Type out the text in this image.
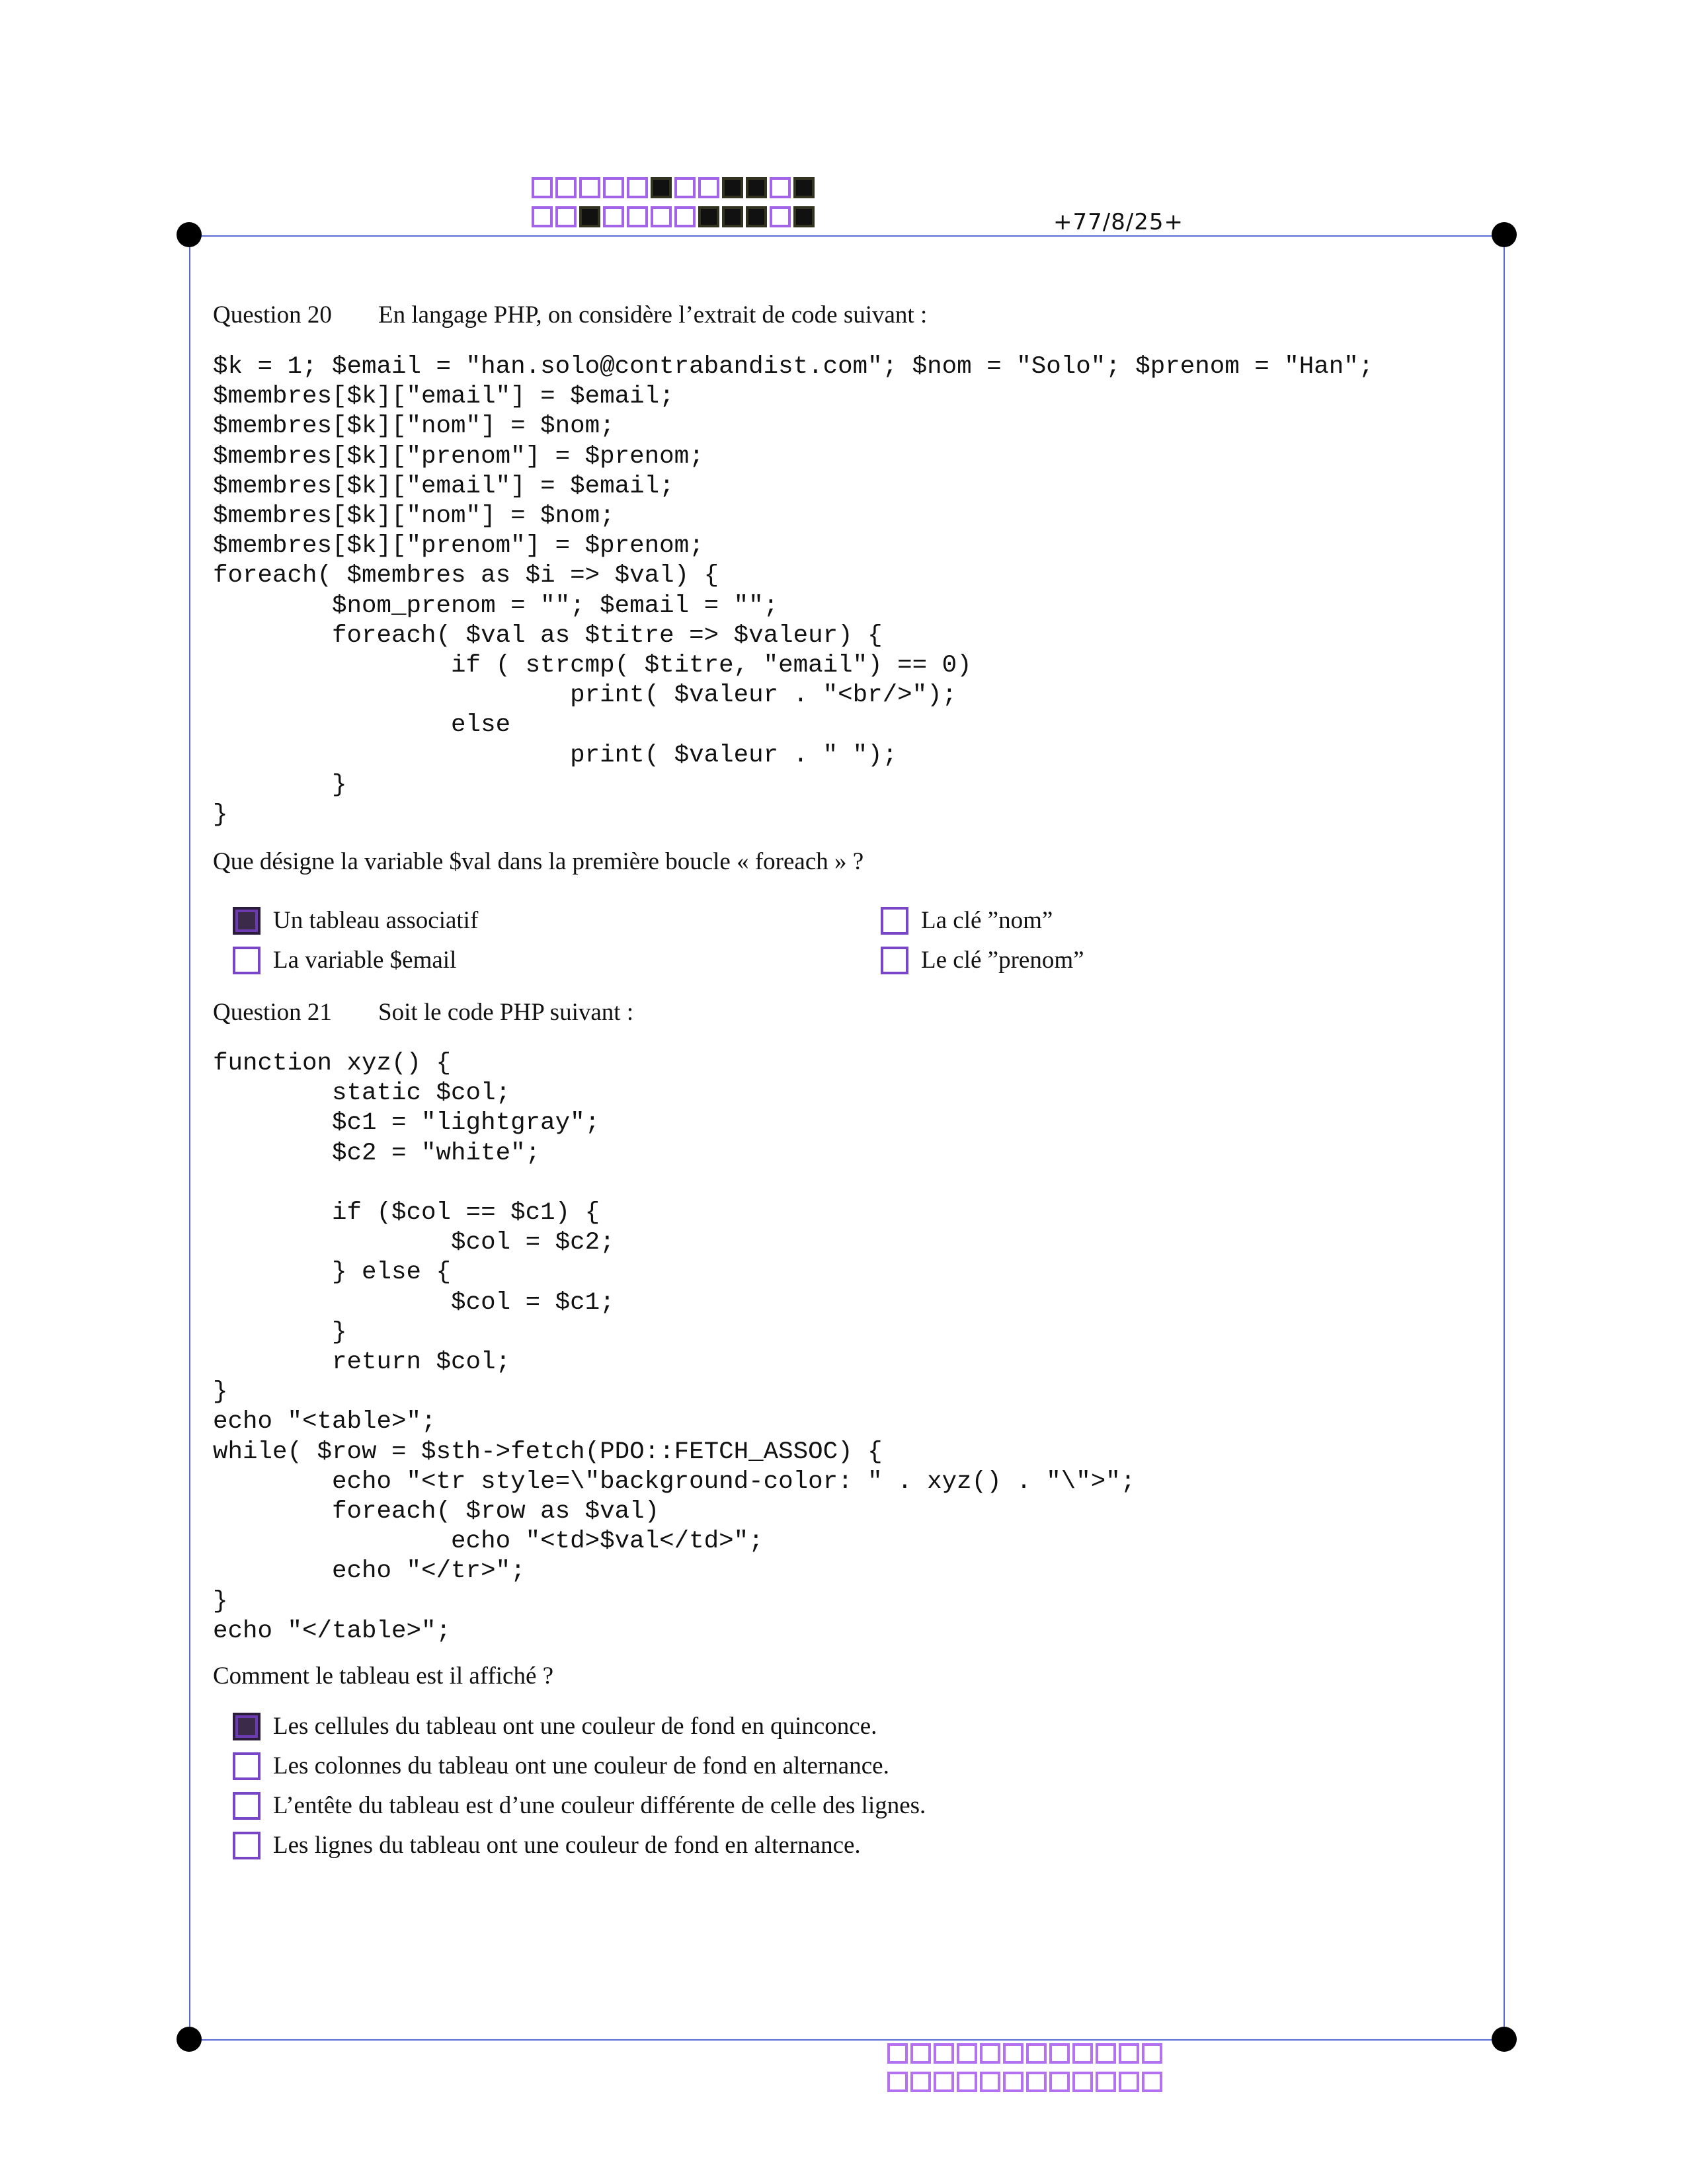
+77/8/25+
Question 20 En langage PHP, on considère l’extrait de code suivant :
$k = 1; $email = "han.solo@contrabandist.com"; $nom = "Solo"; $prenom = "Han";
$membres[$k]["email"] = $email;
$membres[$k]["nom"] = $nom;
$membres[$k]["prenom"] = $prenom;
$membres[$k]["email"] = $email;
$membres[$k]["nom"] = $nom;
$membres[$k]["prenom"] = $prenom;
foreach( $membres as $i => $val) {
$nom_prenom = ""; $email = "";
foreach( $val as $titre => $valeur) {
if ( strcmp( $titre, "email") == 0)
print( $valeur . "<br/>");
else
print( $valeur . " ");
}
}
Que désigne la variable $val dans la première boucle « foreach » ?
Un tableau associatif
La variable $email
La clé ”nom”
Le clé ”prenom”
Question 21 Soit le code PHP suivant :
function xyz() {
static $col;
$c1 = "lightgray";
$c2 = "white";

if ($col == $c1) {
$col = $c2;
} else {
$col = $c1;
}
return $col;
}
echo "<table>";
while( $row = $sth->fetch(PDO::FETCH_ASSOC) {
echo "<tr style=\"background-color: " . xyz() . "\">";
foreach( $row as $val)
echo "<td>$val</td>";
echo "</tr>";
}
echo "</table>";
Comment le tableau est il affiché ?
Les cellules du tableau ont une couleur de fond en quinconce.
Les colonnes du tableau ont une couleur de fond en alternance.
L’entête du tableau est d’une couleur différente de celle des lignes.
Les lignes du tableau ont une couleur de fond en alternance.
